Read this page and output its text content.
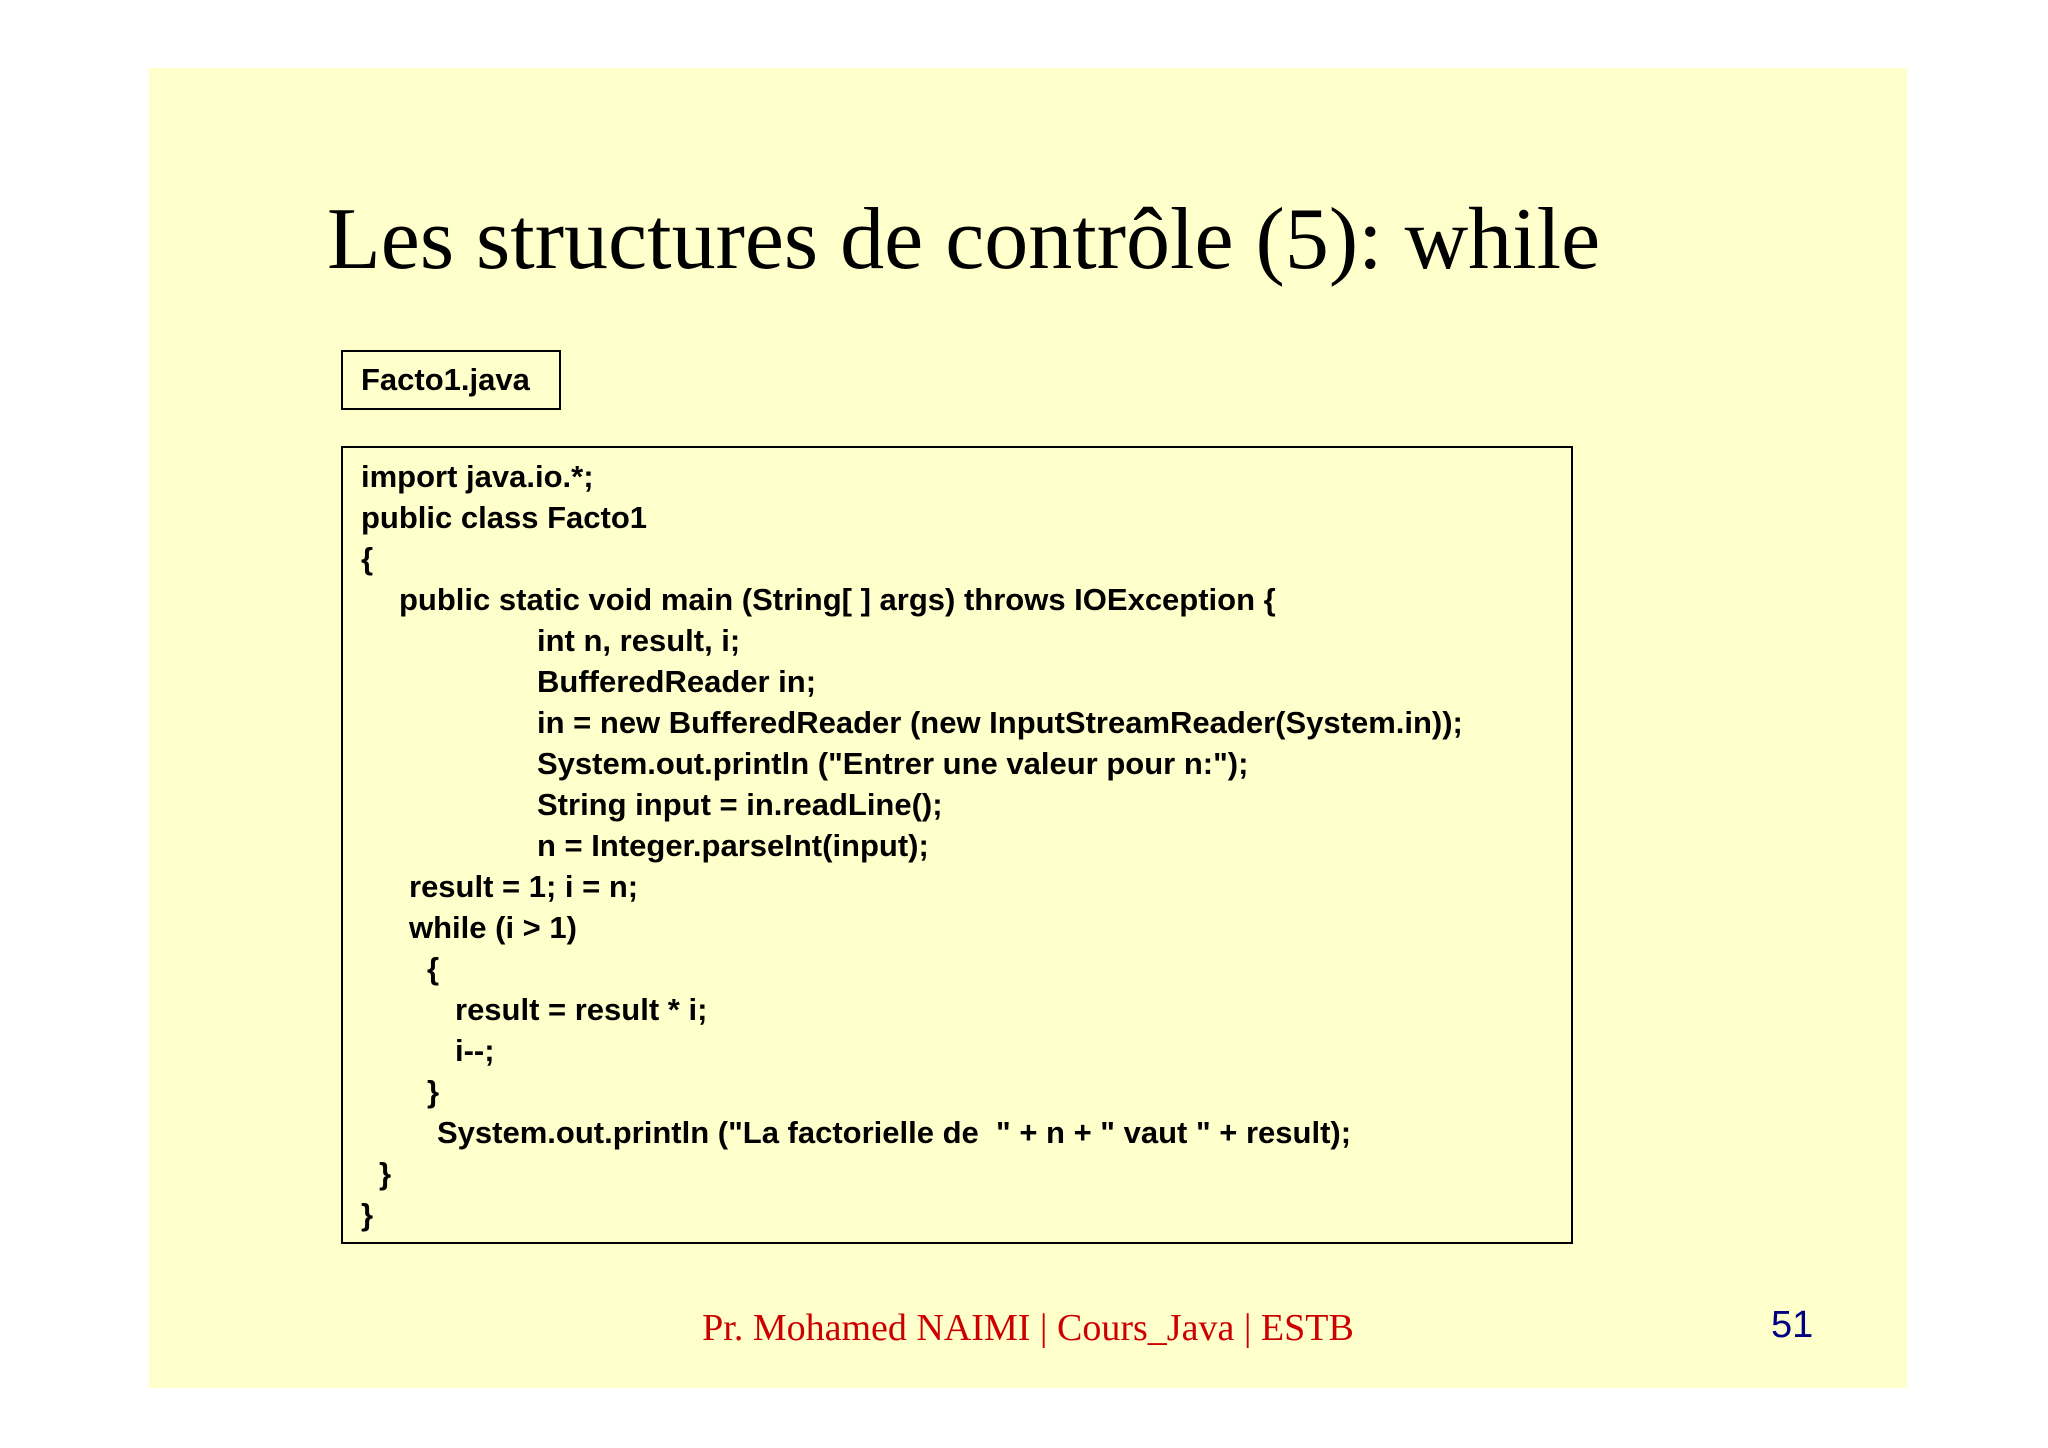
Les structures de contrôle (5): while
Facto1.java
import java.io.*;
public class Facto1
{
public static void main (String[ ] args) throws IOException {
int n, result, i;
BufferedReader in;
in = new BufferedReader (new InputStreamReader(System.in));
System.out.println ("Entrer une valeur pour n:");
String input = in.readLine();
n = Integer.parseInt(input);
result = 1; i = n;
while (i > 1)
{
result = result * i;
i--;
}
System.out.println ("La factorielle de  " + n + " vaut " + result);
}
}
Pr. Mohamed NAIMI | Cours_Java | ESTB	51
